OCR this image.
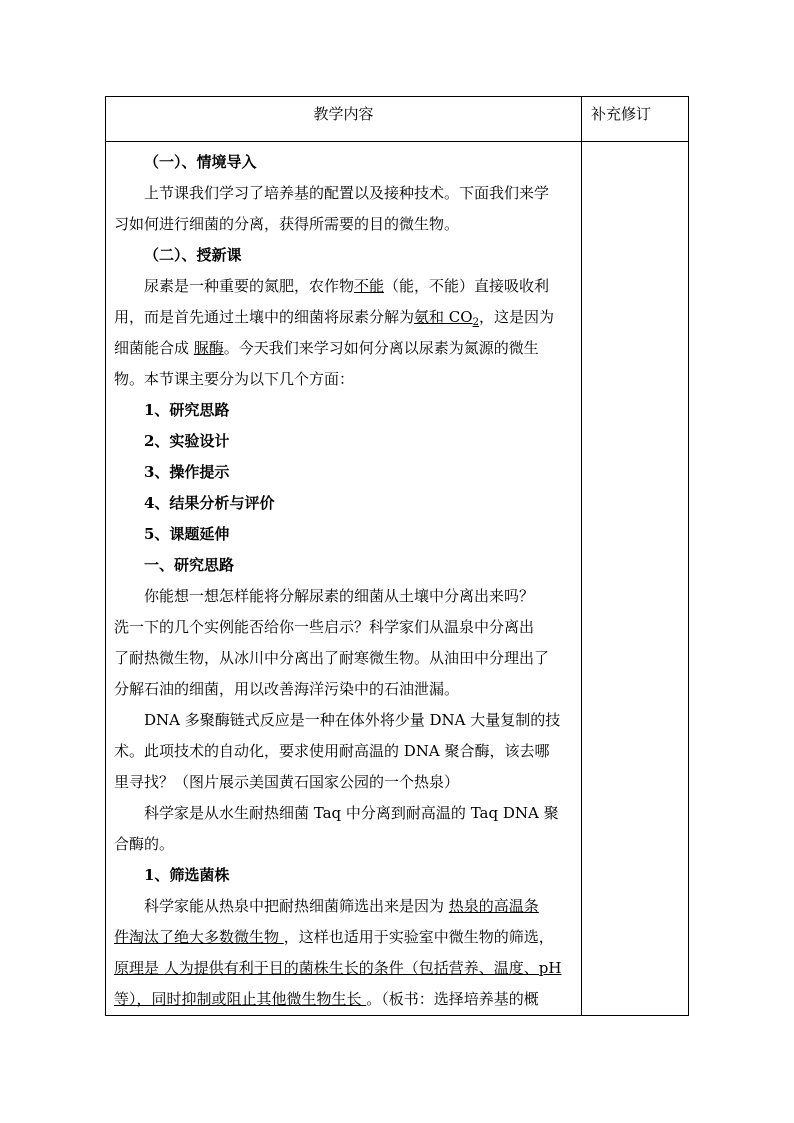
教学内容	补充修订

（一）、情境导入

上节课我们学习了培养基的配置以及接种技术。下面我们来学

习如何进行细菌的分离，获得所需要的目的微生物。

（二）、授新课

尿素是一种重要的氮肥，农作物不能（能，不能）直接吸收利

用，而是首先通过土壤中的细菌将尿素分解为氨和 $CO_2$，这是因为

细菌能合成 脲酶。今天我们来学习如何分离以尿素为氮源的微生

物。本节课主要分为以下几个方面：

1、研究思路

2、实验设计

3、操作提示

4、结果分析与评价

5、课题延伸

一、研究思路

你能想一想怎样能将分解尿素的细菌从土壤中分离出来吗？

洗一下的几个实例能否给你一些启示？科学家们从温泉中分离出

了耐热微生物，从冰川中分离出了耐寒微生物。从油田中分理出了

分解石油的细菌，用以改善海洋污染中的石油泄漏。

DNA 多聚酶链式反应是一种在体外将少量 DNA 大量复制的技

术。此项技术的自动化，要求使用耐高温的 DNA 聚合酶，该去哪

里寻找？（图片展示美国黄石国家公园的一个热泉）

科学家是从水生耐热细菌 Taq 中分离到耐高温的 Taq DNA 聚

合酶的。

1、筛选菌株

科学家能从热泉中把耐热细菌筛选出来是因为 热泉的高温条

件淘汰了绝大多数微生物 ，这样也适用于实验室中微生物的筛选，

原理是 人为提供有利于目的菌株生长的条件（包括营养、温度、pH

等），同时抑制或阻止其他微生物生长 。（板书：选择培养基的概
